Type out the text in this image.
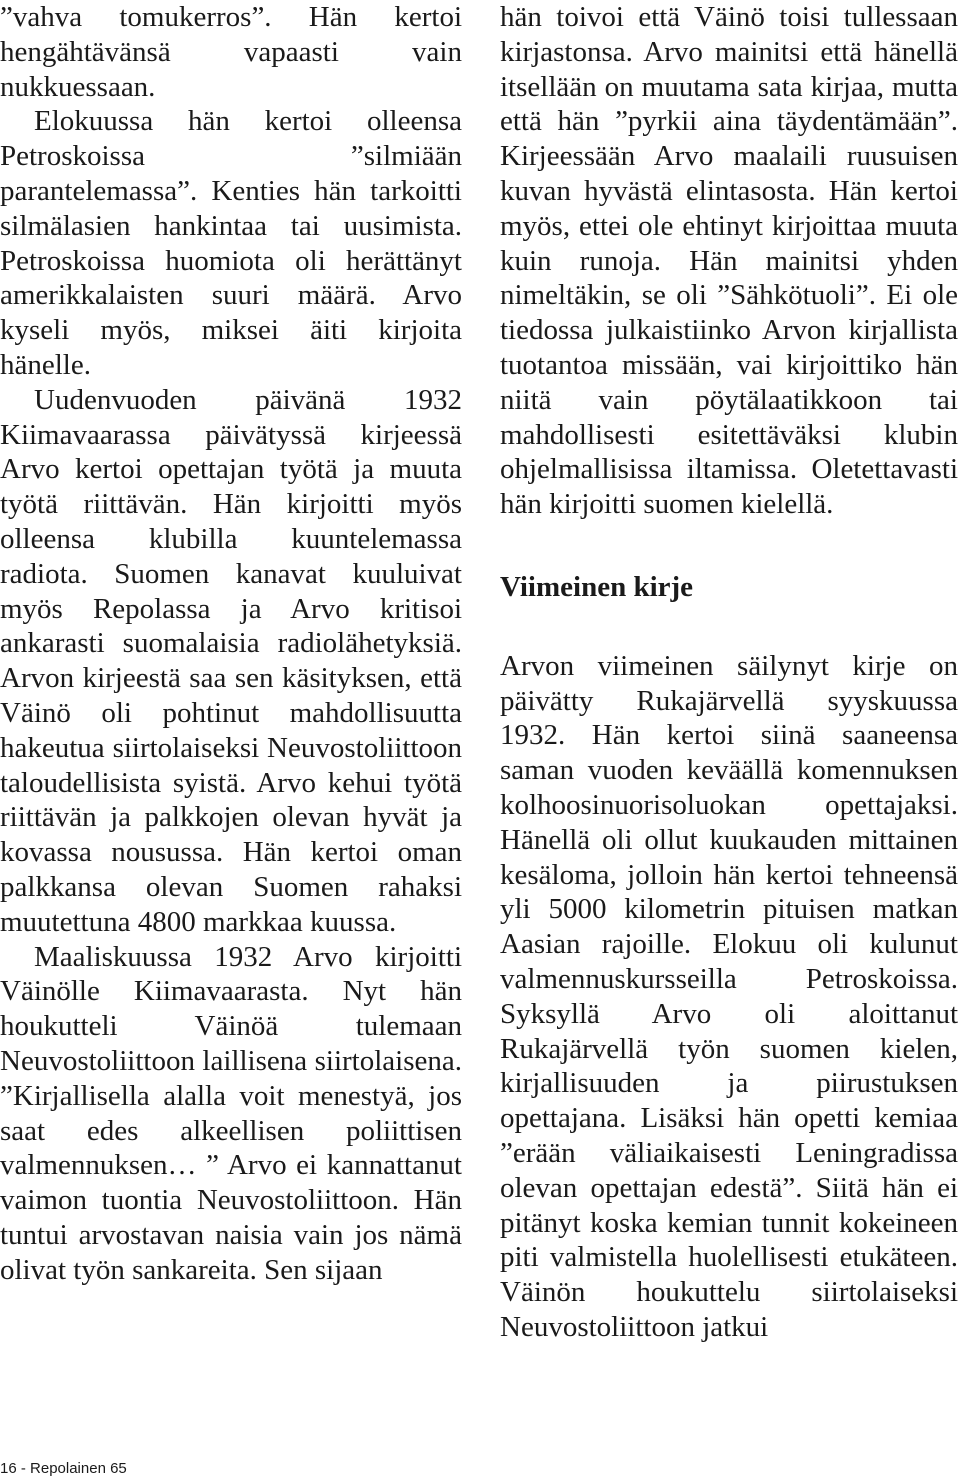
”vahva tomukerros”. Hän kertoi hengähtävänsä vapaasti vain nukkuessaan.

Elokuussa hän kertoi olleensa Petroskoissa ”silmiään parantelemassa”. Kenties hän tarkoitti silmälasien hankintaa tai uusimista. Petroskoissa huomiota oli herättänyt amerikkalaisten suuri määrä. Arvo kyseli myös, miksei äiti kirjoita hänelle.

Uudenvuoden päivänä 1932 Kiimavaarassa päivätyssä kirjeessä Arvo kertoi opettajan työtä ja muuta työtä riittävän. Hän kirjoitti myös olleensa klubilla kuuntelemassa radiota. Suomen kanavat kuuluivat myös Repolassa ja Arvo kritisoi ankarasti suomalaisia radiolähetyksiä. Arvon kirjeestä saa sen käsityksen, että Väinö oli pohtinut mahdollisuutta hakeutua siirtolaiseksi Neuvostoliittoon taloudellisista syistä. Arvo kehui työtä riittävän ja palkkojen olevan hyvät ja kovassa nousussa. Hän kertoi oman palkkansa olevan Suomen rahaksi muutettuna 4800 markkaa kuussa.

Maaliskuussa 1932 Arvo kirjoitti Väinölle Kiimavaarasta. Nyt hän houkutteli Väinöä tulemaan Neuvostoliittoon laillisena siirtolaisena. ”Kirjallisella alalla voit menestyä, jos saat edes alkeellisen poliittisen valmennuksen… ” Arvo ei kannattanut vaimon tuontia Neuvostoliittoon. Hän tuntui arvostavan naisia vain jos nämä olivat työn sankareita. Sen sijaan

hän toivoi että Väinö toisi tullessaan kirjastonsa. Arvo mainitsi että hänellä itsellään on muutama sata kirjaa, mutta että hän ”pyrkii aina täydentämään”. Kirjeessään Arvo maalaili ruusuisen kuvan hyvästä elintasosta. Hän kertoi myös, ettei ole ehtinyt kirjoittaa muuta kuin runoja. Hän mainitsi yhden nimeltäkin, se oli ”Sähkötuoli”. Ei ole tiedossa julkaistiinko Arvon kirjallista tuotantoa missään, vai kirjoittiko hän niitä vain pöytälaatikkoon tai mahdollisesti esitettäväksi klubin ohjelmallisissa iltamissa. Oletettavasti hän kirjoitti suomen kielellä.

Viimeinen kirje

Arvon viimeinen säilynyt kirje on päivätty Rukajärvellä syyskuussa 1932. Hän kertoi siinä saaneensa saman vuoden keväällä komennuksen kolhoosinuorisoluokan opettajaksi. Hänellä oli ollut kuukauden mittainen kesäloma, jolloin hän kertoi tehneensä yli 5000 kilometrin pituisen matkan Aasian rajoille. Elokuu oli kulunut valmennuskursseilla Petroskoissa. Syksyllä Arvo oli aloittanut Rukajärvellä työn suomen kielen, kirjallisuuden ja piirustuksen opettajana. Lisäksi hän opetti kemiaa ”erään väliaikaisesti Leningradissa olevan opettajan edestä”. Siitä hän ei pitänyt koska kemian tunnit kokeineen piti valmistella huolellisesti etukäteen. Väinön houkuttelu siirtolaiseksi Neuvostoliittoon jatkui

16 - Repolainen 65
